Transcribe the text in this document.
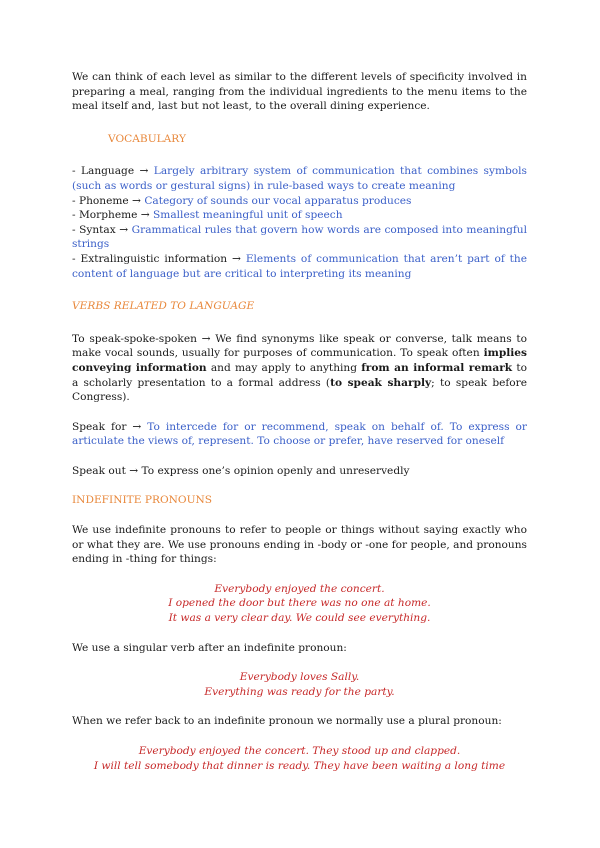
We can think of each level as similar to the different levels of specificity involved in preparing a meal, ranging from the individual ingredients to the menu items to the meal itself and, last but not least, to the overall dining experience.

VOCABULARY

- Language → Largely arbitrary system of communication that combines symbols (such as words or gestural signs) in rule-based ways to create meaning

- Phoneme → Category of sounds our vocal apparatus produces

- Morpheme → Smallest meaningful unit of speech

- Syntax → Grammatical rules that govern how words are composed into meaningful strings

- Extralinguistic information → Elements of communication that aren’t part of the content of language but are critical to interpreting its meaning

VERBS RELATED TO LANGUAGE

To speak-spoke-spoken → We find synonyms like speak or converse, talk means to make vocal sounds, usually for purposes of communication. To speak often implies conveying information and may apply to anything from an informal remark to a scholarly presentation to a formal address (to speak sharply; to speak before Congress).

Speak for → To intercede for or recommend, speak on behalf of. To express or articulate the views of, represent. To choose or prefer, have reserved for oneself

Speak out → To express one’s opinion openly and unreservedly

INDEFINITE PRONOUNS

We use indefinite pronouns to refer to people or things without saying exactly who or what they are. We use pronouns ending in -body or -one for people, and pronouns ending in -thing for things:

Everybody enjoyed the concert.

I opened the door but there was no one at home.

It was a very clear day. We could see everything.

We use a singular verb after an indefinite pronoun:

Everybody loves Sally.

Everything was ready for the party.

When we refer back to an indefinite pronoun we normally use a plural pronoun:

Everybody enjoyed the concert. They stood up and clapped.

I will tell somebody that dinner is ready. They have been waiting a long time
